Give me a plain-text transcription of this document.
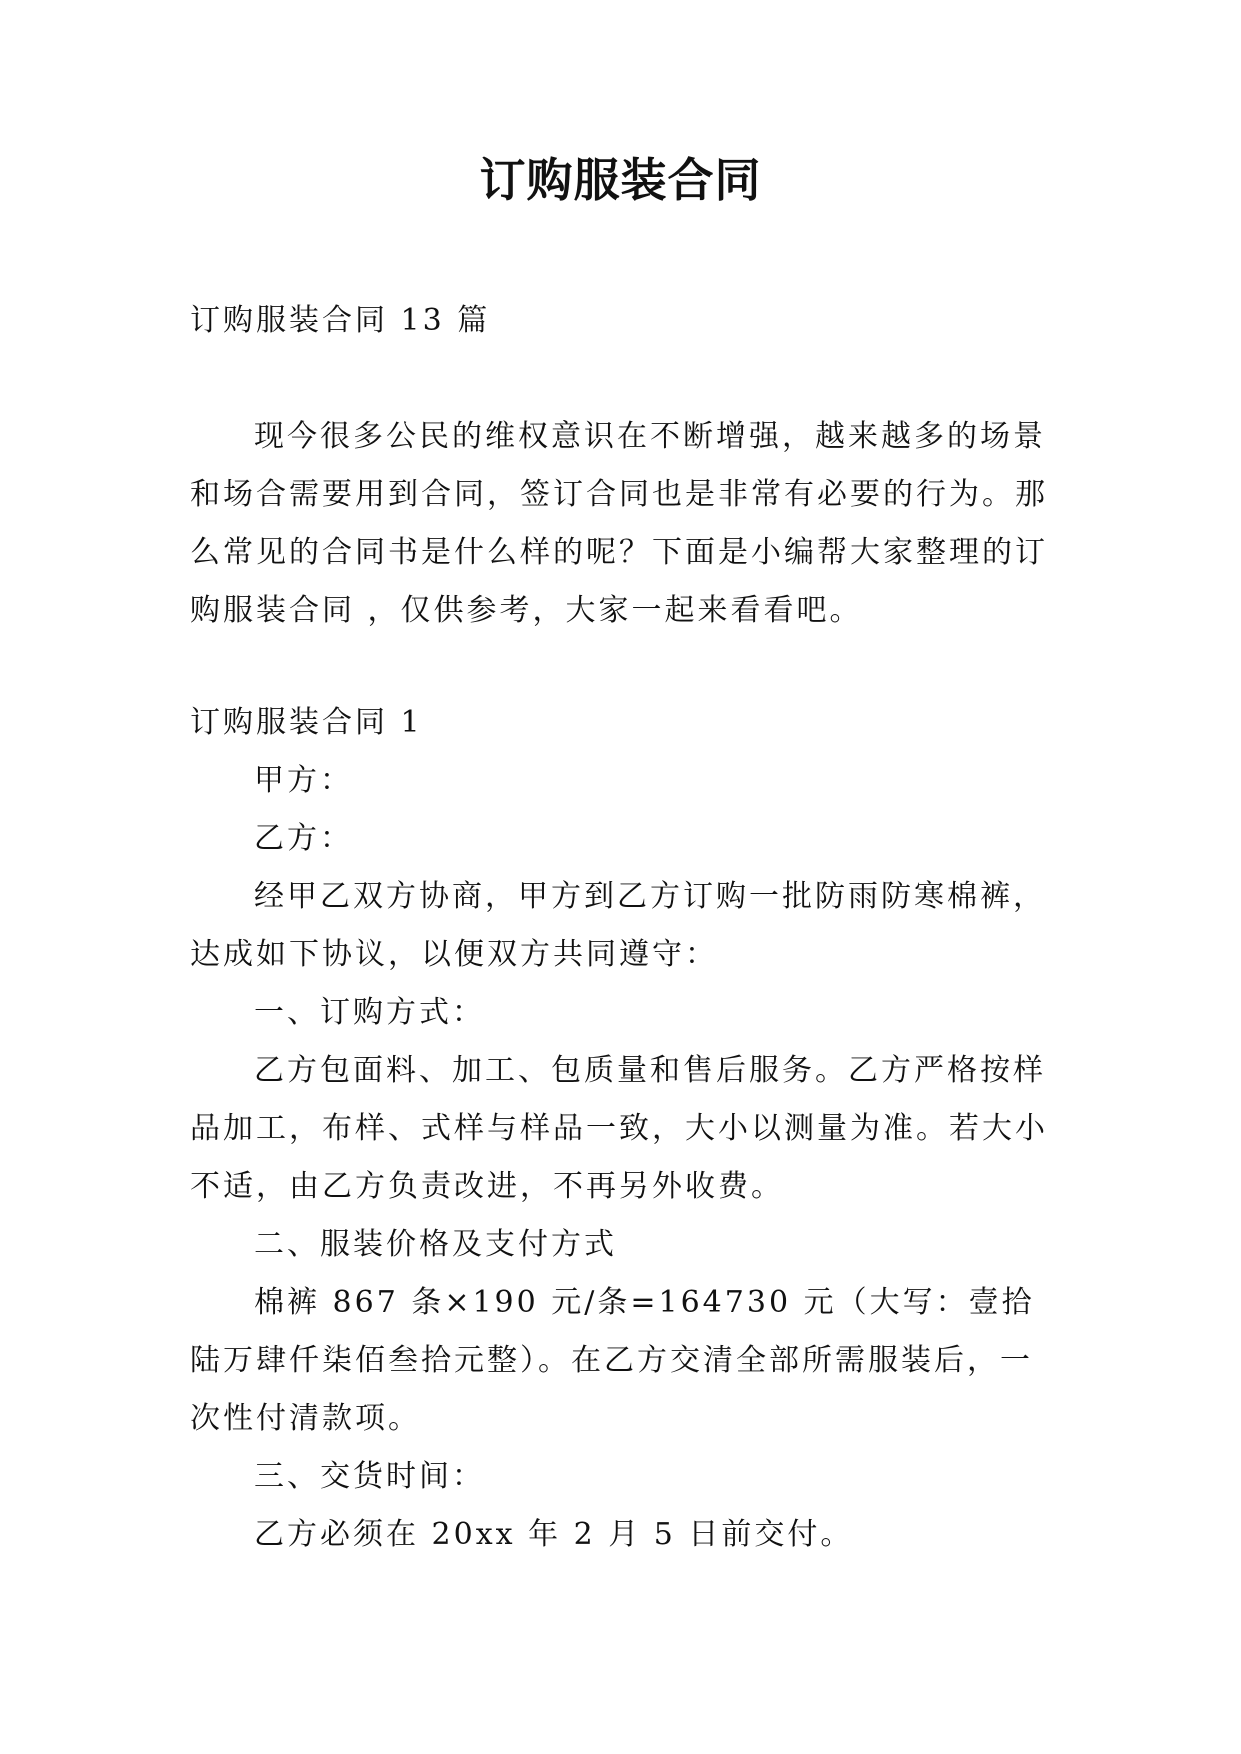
订购服装合同

订购服装合同 13 篇

现今很多公民的维权意识在不断增强，越来越多的场景和场合需要用到合同，签订合同也是非常有必要的行为。那么常见的合同书是什么样的呢？下面是小编帮大家整理的订购服装合同 ，仅供参考，大家一起来看看吧。

订购服装合同 1

甲方：

乙方：

经甲乙双方协商，甲方到乙方订购一批防雨防寒棉裤，达成如下协议，以便双方共同遵守：

一、订购方式：

乙方包面料、加工、包质量和售后服务。乙方严格按样品加工，布样、式样与样品一致，大小以测量为准。若大小不适，由乙方负责改进，不再另外收费。

二、服装价格及支付方式

棉裤 867 条×190 元/条=164730 元（大写：壹拾陆万肆仟柒佰叁拾元整）。在乙方交清全部所需服装后，一次性付清款项。

三、交货时间：

乙方必须在 20xx 年 2 月 5 日前交付。
